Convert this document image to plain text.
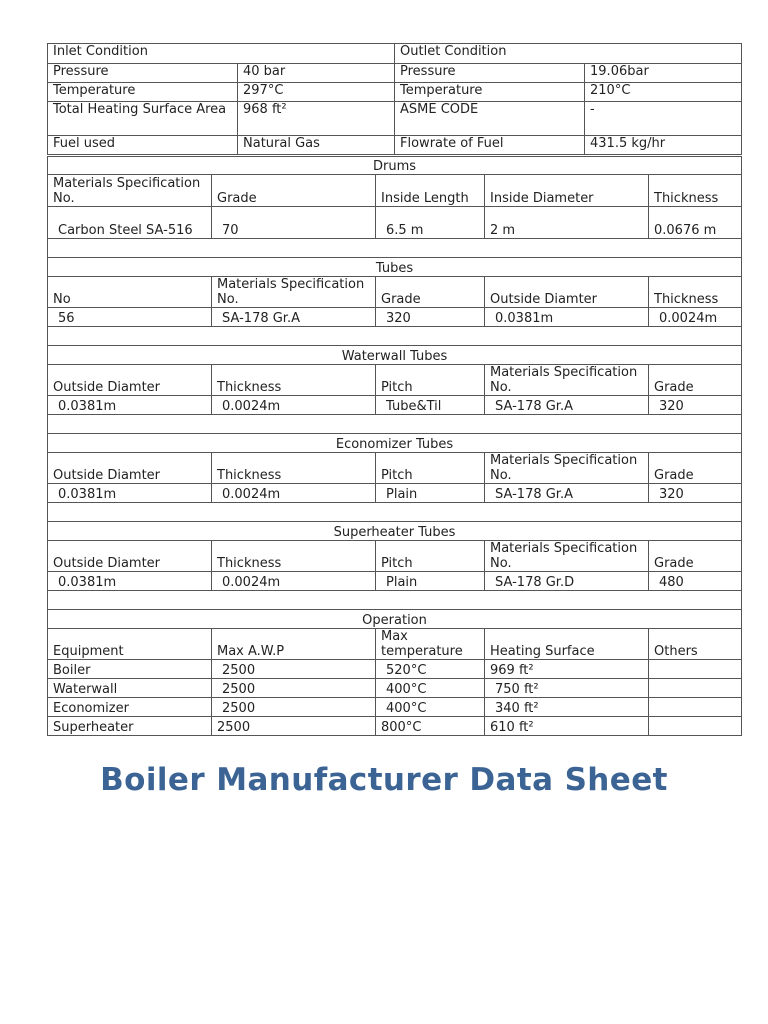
Inlet Condition		Outlet Condition	
Pressure	40 bar	Pressure	19.06bar
Temperature	297°C	Temperature	210°C
Total Heating Surface Area	968 ft²	ASME CODE	-
Fuel used	Natural Gas	Flowrate of Fuel	431.5 kg/hr
Drums				
Materials Specification No.	Grade	Inside Length	Inside Diameter	Thickness
Carbon Steel SA-516	70	6.5 m	2 m	0.0676 m

Tubes				
No	Materials Specification No.	Grade	Outside Diamter	Thickness
56	SA-178 Gr.A	320	0.0381m	0.0024m

Waterwall Tubes				
Outside Diamter	Thickness	Pitch	Materials Specification No.	Grade
0.0381m	0.0024m	Tube&Til	SA-178 Gr.A	320

Economizer Tubes				
Outside Diamter	Thickness	Pitch	Materials Specification No.	Grade
0.0381m	0.0024m	Plain	SA-178 Gr.A	320

Superheater Tubes				
Outside Diamter	Thickness	Pitch	Materials Specification No.	Grade
0.0381m	0.0024m	Plain	SA-178 Gr.D	480

Operation				
Equipment	Max A.W.P	Max temperature	Heating Surface	Others
Boiler	2500	520°C	969 ft²	
Waterwall	2500	400°C	750 ft²	
Economizer	2500	400°C	340 ft²	
Superheater	2500	800°C	610 ft²	
Boiler Manufacturer Data Sheet
